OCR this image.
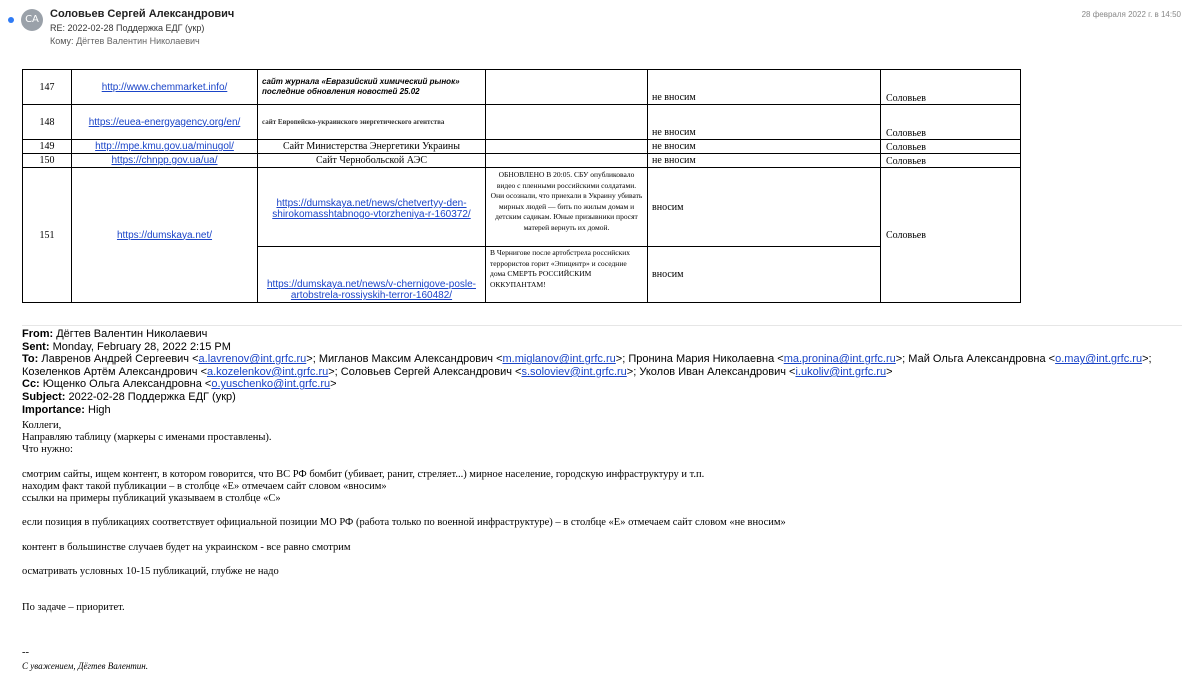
СА	Соловьев Сергей Александрович
RE: 2022-02-28 Поддержка ЕДГ (укр)
Кому: Дёгтев Валентин Николаевич
28 февраля 2022 г. в 14:50
147	http://www.chemmarket.info/	сайт журнала «Евразийский химический рынок» последние обновления новостей 25.02		не вносим	Соловьев
148	https://euea-energyagency.org/en/	сайт Европейско-украинского энергетического агентства		не вносим	Соловьев
149	http://mpe.kmu.gov.ua/minugol/	Сайт Министерства Энергетики Украины		не вносим	Соловьев
150	https://chnpp.gov.ua/ua/	Сайт Чернобольской АЭС		не вносим	Соловьев
151	https://dumskaya.net/	https://dumskaya.net/news/chetvertyy-den-shirokomasshtabnogo-vtorzheniya-r-160372/	ОБНОВЛЕНО В 20:05. СБУ опубликовало видео с пленными российскими солдатами. Они осознали, что приехали в Украину убивать мирных людей — бить по жилым домам и детским садикам. Юные призывники просят матерей вернуть их домой.	вносим	Соловьев
		https://dumskaya.net/news/v-chernigove-posle-artobstrela-rossiyskih-terror-160482/	В Чернигове после артобстрела российских террористов горит «Эпицентр» и соседние дома СМЕРТЬ РОССИЙСКИМ ОККУПАНТАМ!	вносим	
From: Дёгтев Валентин Николаевич
Sent: Monday, February 28, 2022 2:15 PM
To: Лавренов Андрей Сергеевич <a.lavrenov@int.grfc.ru>; Мигланов Максим Александрович <m.miglanov@int.grfc.ru>; Пронина Мария Николаевна <ma.pronina@int.grfc.ru>; Май Ольга Александровна <o.may@int.grfc.ru>; Козеленков Артём Александрович <a.kozelenkov@int.grfc.ru>; Соловьев Сергей Александрович <s.soloviev@int.grfc.ru>; Уколов Иван Александрович <i.ukoliv@int.grfc.ru>
Cc: Ющенко Ольга Александровна <o.yuschenko@int.grfc.ru>
Subject: 2022-02-28 Поддержка ЕДГ (укр)
Importance: High
Коллеги,
Направляю таблицу (маркеры с именами проставлены).
Что нужно:
смотрим сайты, ищем контент, в котором говорится, что ВС РФ бомбит (убивает, ранит, стреляет...) мирное население, городскую инфраструктуру и т.п.
находим факт такой публикации – в столбце «Е» отмечаем сайт словом «вносим»
ссылки на примеры публикаций указываем в столбце «С»
если позиция в публикациях соответствует официальной позиции МО РФ (работа только по военной инфраструктуре) – в столбце «Е» отмечаем сайт словом «не вносим»
контент в большинстве случаев будет на украинском - все равно смотрим
осматривать условных 10-15 публикаций, глубже не надо
По задаче – приоритет.
--
С уважением, Дёгтев Валентин.
